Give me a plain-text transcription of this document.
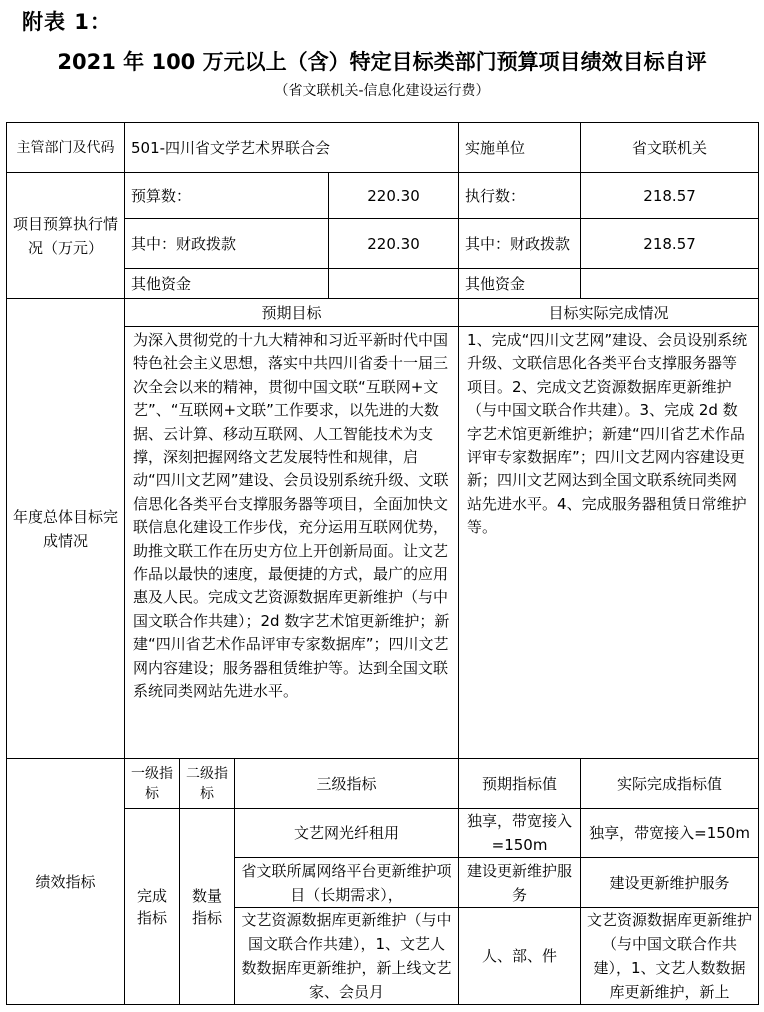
附表 1：
2021 年 100 万元以上（含）特定目标类部门预算项目绩效目标自评
（省文联机关-信息化建设运行费）
主管部门及代码	501-四川省文学艺术界联合会				实施单位	省文联机关
项目预算执行情况（万元）	预算数：			220.30	执行数：	218.57
	其中：财政拨款			220.30	其中：财政拨款	218.57
	其他资金				其他资金	
年度总体目标完成情况	预期目标				目标实际完成情况	
	为深入贯彻党的十九大精神和习近平新时代中国特色社会主义思想，落实中共四川省委十一届三次全会以来的精神，贯彻中国文联“互联网+文艺”、“互联网+文联”工作要求，以先进的大数据、云计算、移动互联网、人工智能技术为支撑，深刻把握网络文艺发展特性和规律，启动“四川文艺网”建设、会员设别系统升级、文联信思化各类平台支撑服务器等项目，全面加快文联信息化建设工作步伐，充分运用互联网优势，助推文联工作在历史方位上开创新局面。让文艺作品以最快的速度，最便捷的方式，最广的应用惠及人民。完成文艺资源数据库更新维护（与中国文联合作共建）；2d 数字艺术馆更新维护；新建“四川省艺术作品评审专家数据库”；四川文艺网内容建设；服务器租赁维护等。达到全国文联系统同类网站先进水平。				1、完成“四川文艺网”建设、会员设别系统升级、文联信思化各类平台支撑服务器等项目。2、完成文艺资源数据库更新维护（与中国文联合作共建）。3、完成 2d 数字艺术馆更新维护；新建“四川省艺术作品评审专家数据库”；四川文艺网内容建设更新；四川文艺网达到全国文联系统同类网站先进水平。4、完成服务器租赁日常维护等。	
绩效指标	一级指标	二级指标	三级指标		预期指标值	实际完成指标值
	完成指标	数量指标	文艺网光纤租用		独享，带宽接入=150m	独享，带宽接入=150m
			省文联所属网络平台更新维护项目（长期需求），		建设更新维护服务	建设更新维护服务
			文艺资源数据库更新维护（与中国文联合作共建），1、文艺人数数据库更新维护，新上线文艺家、会员月		人、部、件	文艺资源数据库更新维护（与中国文联合作共建），1、文艺人数数据库更新维护，新上
